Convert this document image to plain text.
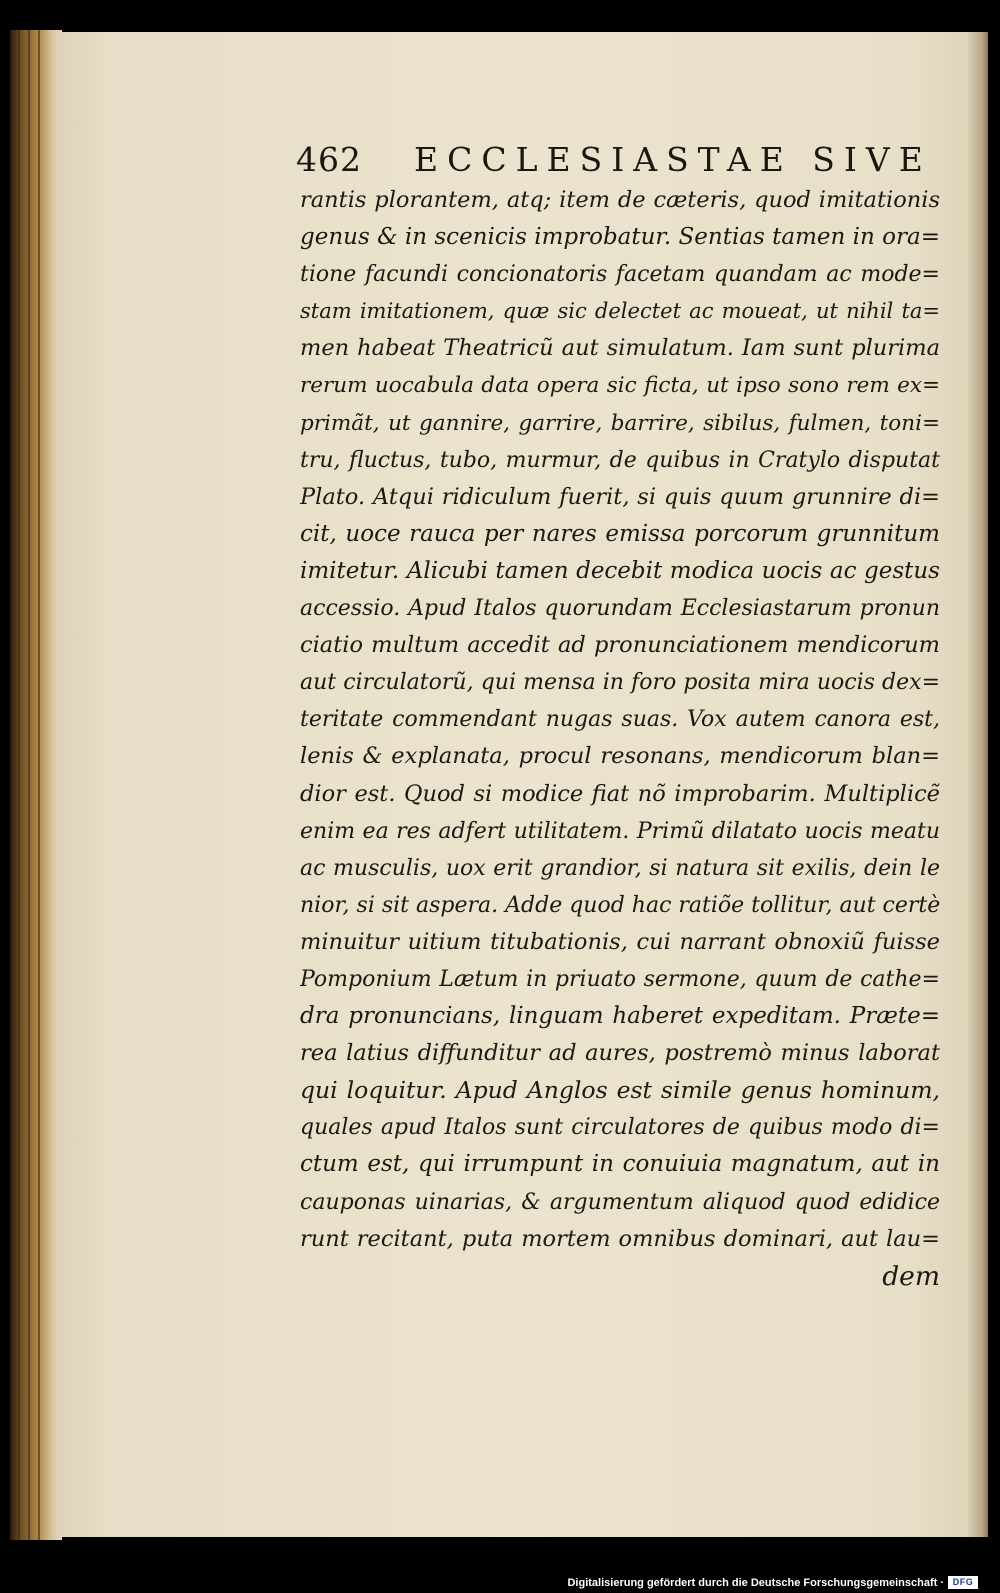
462 ECCLESIASTAE SIVE
rantis plorantem, atq; item de cæteris, quod imitationis
genus & in scenicis improbatur. Sentias tamen in ora=
tione facundi concionatoris facetam quandam ac mode=
stam imitationem, quæ sic delectet ac moueat, ut nihil ta=
men habeat Theatricũ aut simulatum. Iam sunt plurima
rerum uocabula data opera sic ficta, ut ipso sono rem ex=
primãt, ut gannire, garrire, barrire, sibilus, fulmen, toni=
tru, fluctus, tubo, murmur, de quibus in Cratylo disputat
Plato. Atqui ridiculum fuerit, si quis quum grunnire di=
cit, uoce rauca per nares emissa porcorum grunnitum
imitetur. Alicubi tamen decebit modica uocis ac gestus
accessio. Apud Italos quorundam Ecclesiastarum pronun
ciatio multum accedit ad pronunciationem mendicorum
aut circulatorũ, qui mensa in foro posita mira uocis dex=
teritate commendant nugas suas. Vox autem canora est,
lenis & explanata, procul resonans, mendicorum blan=
dior est. Quod si modice fiat nõ improbarim. Multiplicẽ
enim ea res adfert utilitatem. Primũ dilatato uocis meatu
ac musculis, uox erit grandior, si natura sit exilis, dein le
nior, si sit aspera. Adde quod hac ratiõe tollitur, aut certè
minuitur uitium titubationis, cui narrant obnoxiũ fuisse
Pomponium Lætum in priuato sermone, quum de cathe=
dra pronuncians, linguam haberet expeditam. Præte=
rea latius diffunditur ad aures, postremò minus laborat
qui loquitur. Apud Anglos est simile genus hominum,
quales apud Italos sunt circulatores de quibus modo di=
ctum est, qui irrumpunt in conuiuia magnatum, aut in
cauponas uinarias, & argumentum aliquod quod edidice
runt recitant, puta mortem omnibus dominari, aut lau=
dem
Digitalisierung gefördert durch die Deutsche Forschungsgemeinschaft · DFG
